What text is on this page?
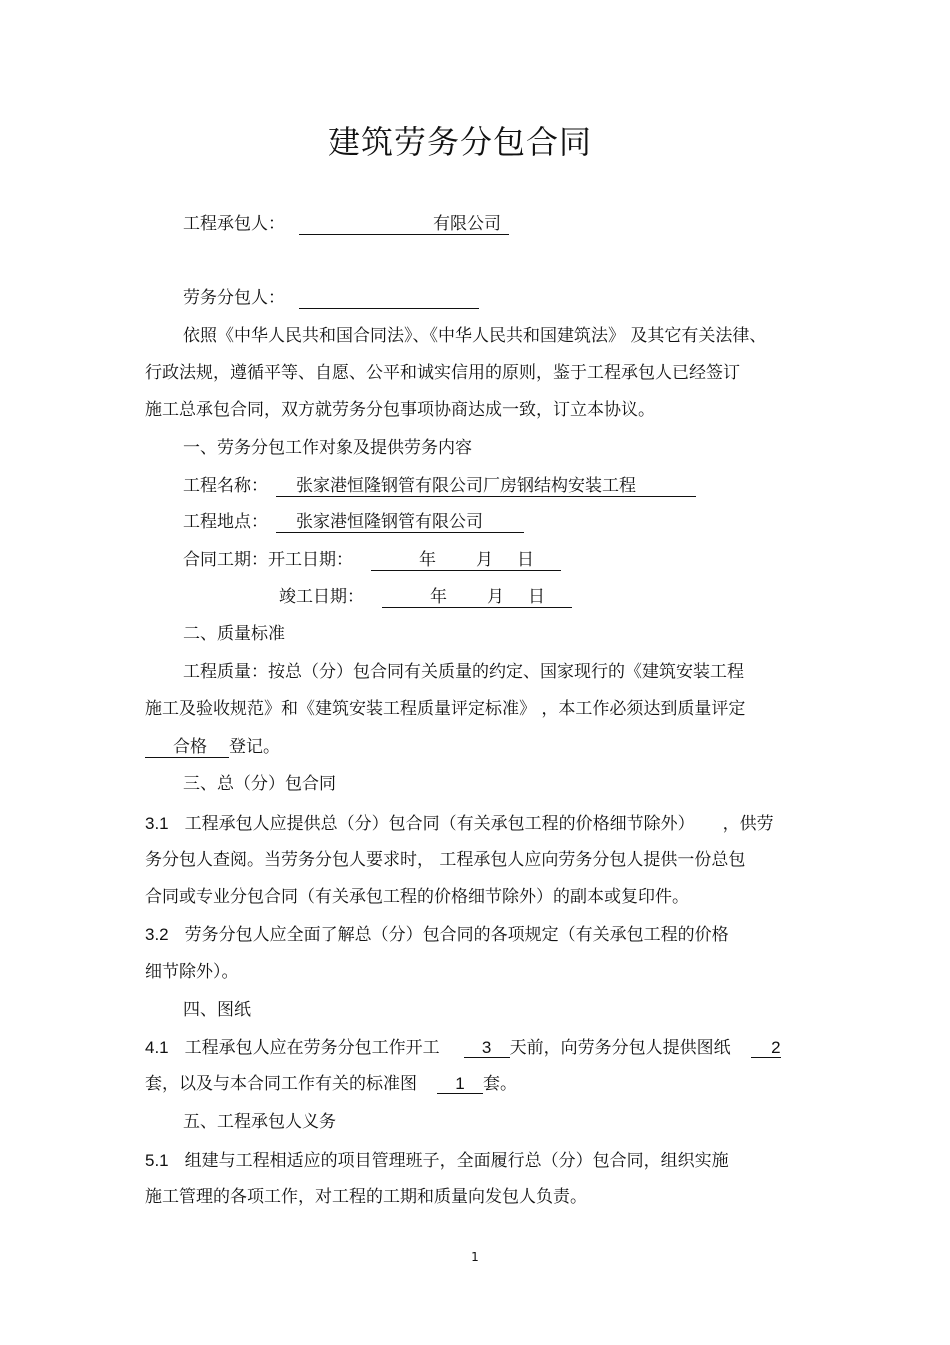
建筑劳务分包合同
工程承包人：	有限公司
劳务分包人：
依照《中华人民共和国合同法》、《中华人民共和国建筑法》 及其它有关法律、
行政法规，遵循平等、自愿、公平和诚实信用的原则，鉴于工程承包人已经签订
施工总承包合同，双方就劳务分包事项协商达成一致，订立本协议。
一、劳务分包工作对象及提供劳务内容
工程名称： 张家港恒隆钢管有限公司厂房钢结构安装工程
工程地点： 张家港恒隆钢管有限公司
合同工期：开工日期：	年 月 日
竣工日期：	年 月 日
二、质量标准
工程质量：按总（分）包合同有关质量的约定、国家现行的《建筑安装工程
施工及验收规范》和《建筑安装工程质量评定标准》 ，本工作必须达到质量评定
合格 登记。
三、总（分）包合同
3.1 工程承包人应提供总（分）包合同（有关承包工程的价格细节除外） ，供劳
务分包人查阅。当劳务分包人要求时， 工程承包人应向劳务分包人提供一份总包
合同或专业分包合同（有关承包工程的价格细节除外）的副本或复印件。
3.2 劳务分包人应全面了解总（分）包合同的各项规定（有关承包工程的价格
细节除外）。
四、图纸
4.1 工程承包人应在劳务分包工作开工 3 天前，向劳务分包人提供图纸 2
套，以及与本合同工作有关的标准图 1 套。
五、工程承包人义务
5.1 组建与工程相适应的项目管理班子，全面履行总（分）包合同，组织实施
施工管理的各项工作，对工程的工期和质量向发包人负责。
1
